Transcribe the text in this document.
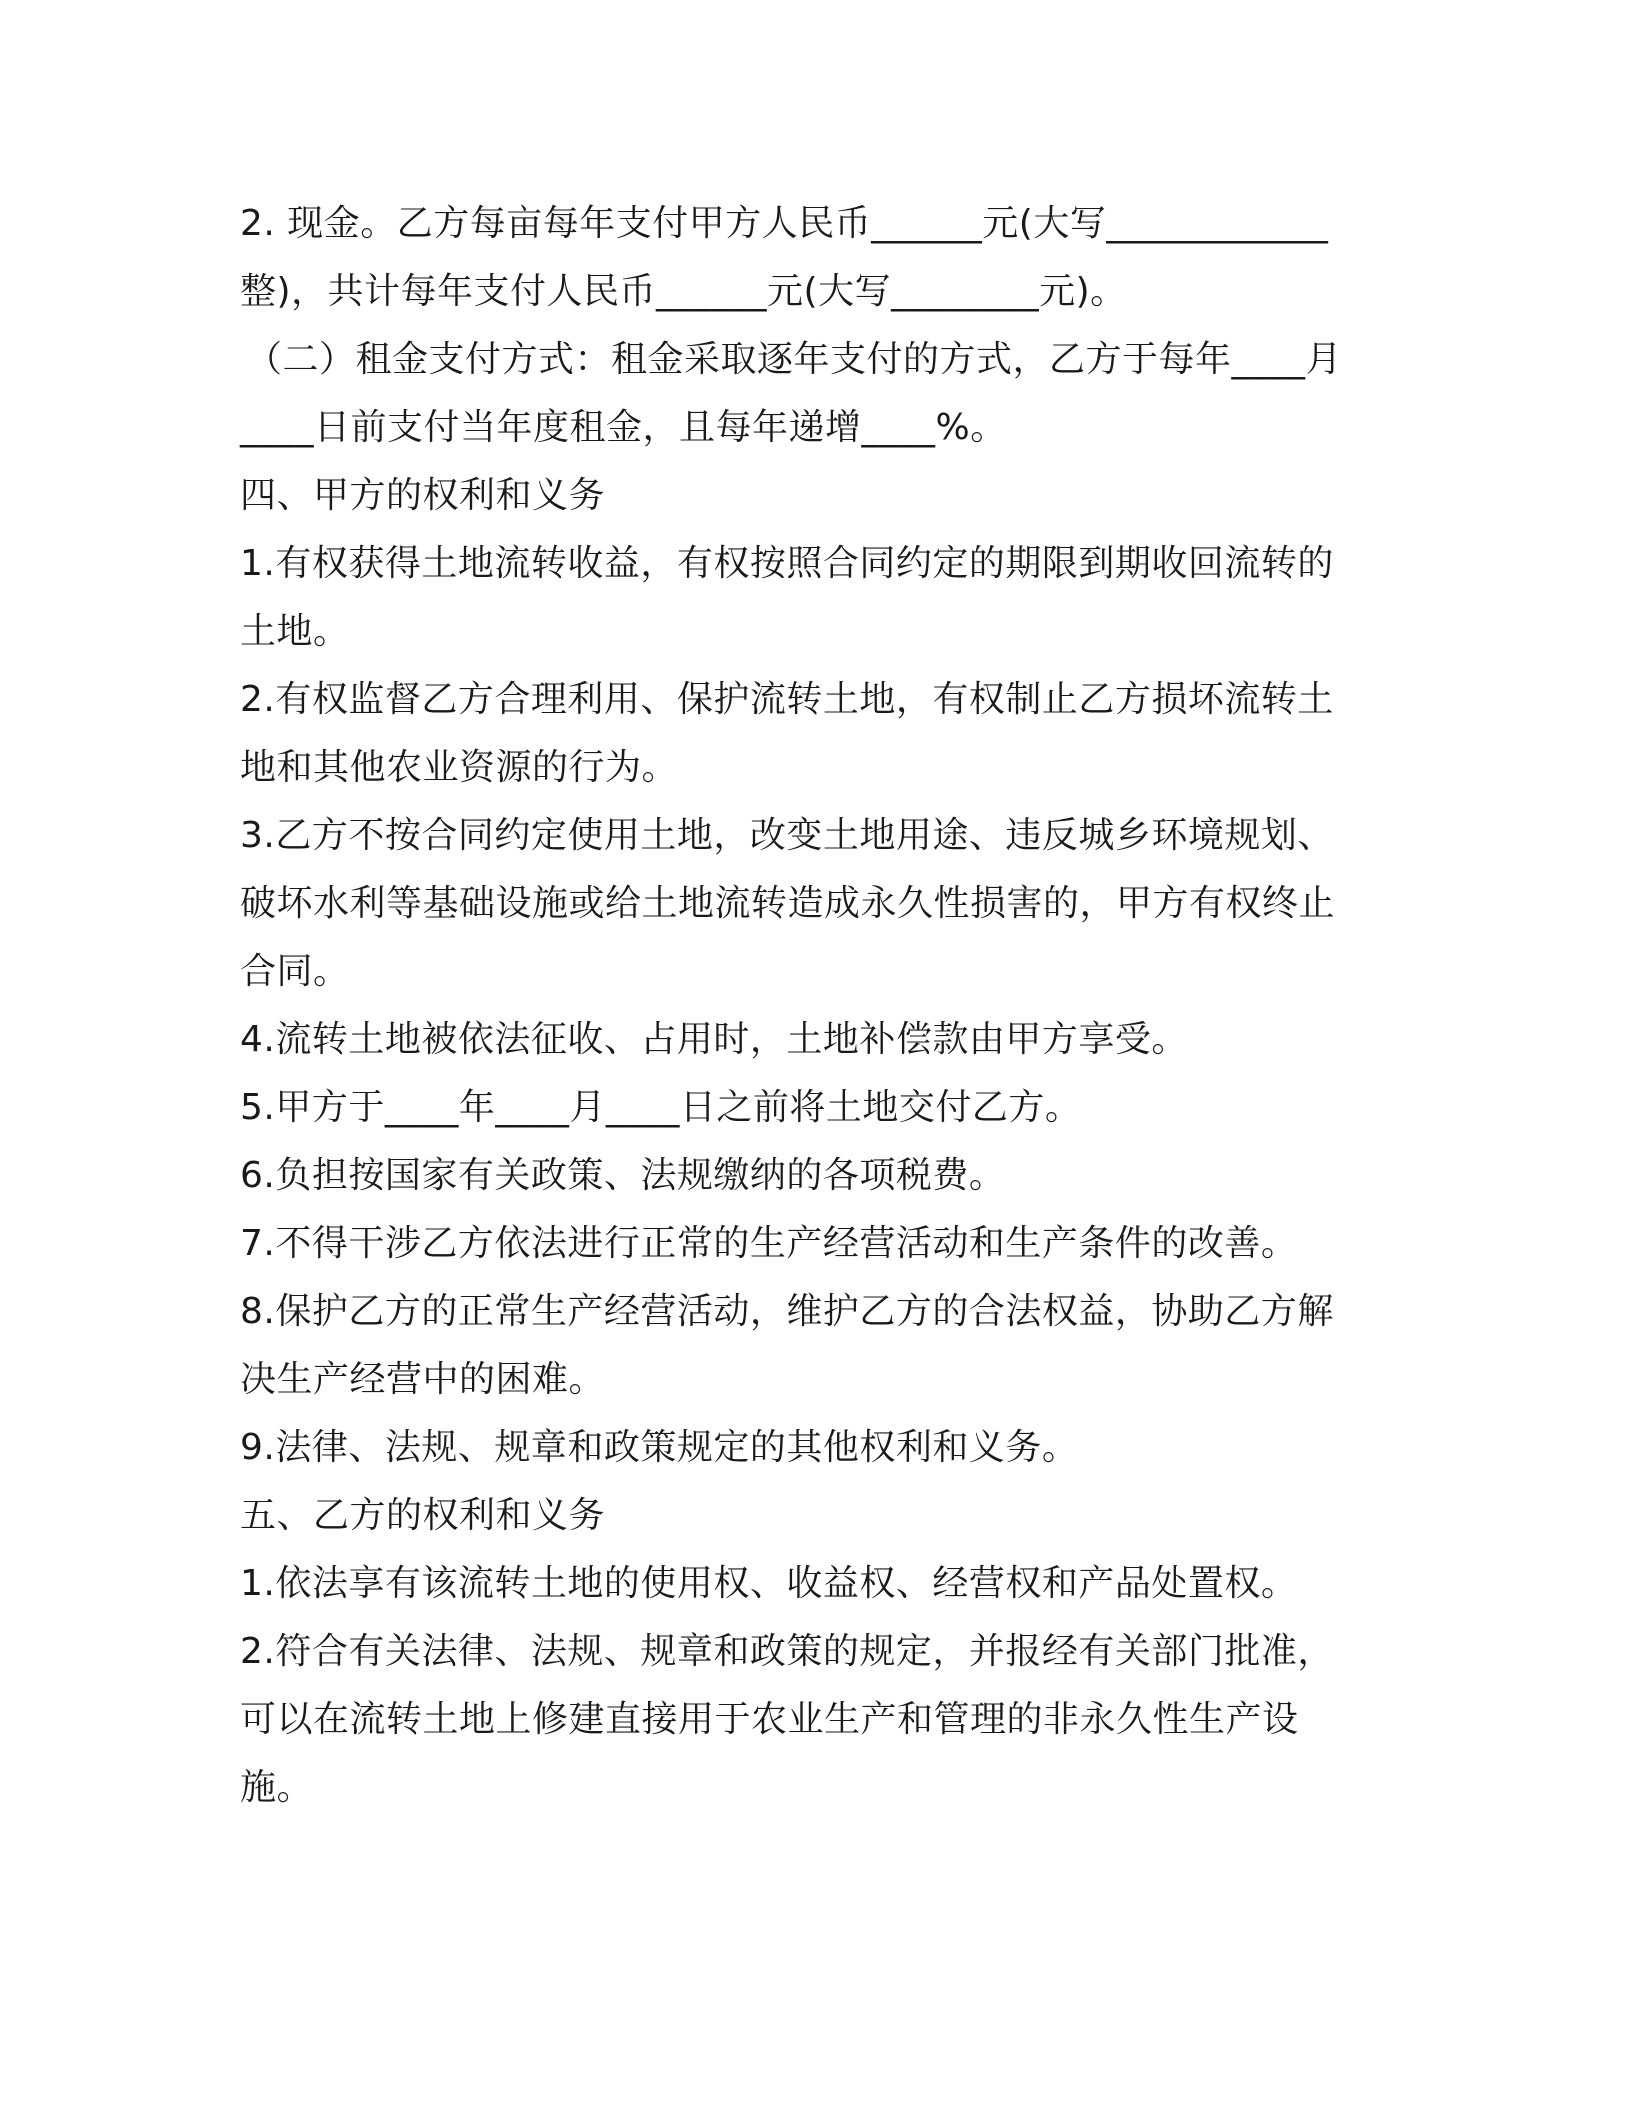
2. 现金。乙方每亩每年支付甲方人民币______元(大写____________
整)，共计每年支付人民币______元(大写________元)。
（二）租金支付方式：租金采取逐年支付的方式，乙方于每年____月
____日前支付当年度租金，且每年递增____%。
四、甲方的权利和义务
1.有权获得土地流转收益，有权按照合同约定的期限到期收回流转的
土地。
2.有权监督乙方合理利用、保护流转土地，有权制止乙方损坏流转土
地和其他农业资源的行为。
3.乙方不按合同约定使用土地，改变土地用途、违反城乡环境规划、
破坏水利等基础设施或给土地流转造成永久性损害的，甲方有权终止
合同。
4.流转土地被依法征收、占用时，土地补偿款由甲方享受。
5.甲方于____年____月____日之前将土地交付乙方。
6.负担按国家有关政策、法规缴纳的各项税费。
7.不得干涉乙方依法进行正常的生产经营活动和生产条件的改善。
8.保护乙方的正常生产经营活动，维护乙方的合法权益，协助乙方解
决生产经营中的困难。
9.法律、法规、规章和政策规定的其他权利和义务。
五、乙方的权利和义务
1.依法享有该流转土地的使用权、收益权、经营权和产品处置权。
2.符合有关法律、法规、规章和政策的规定，并报经有关部门批准，
可以在流转土地上修建直接用于农业生产和管理的非永久性生产设
施。
